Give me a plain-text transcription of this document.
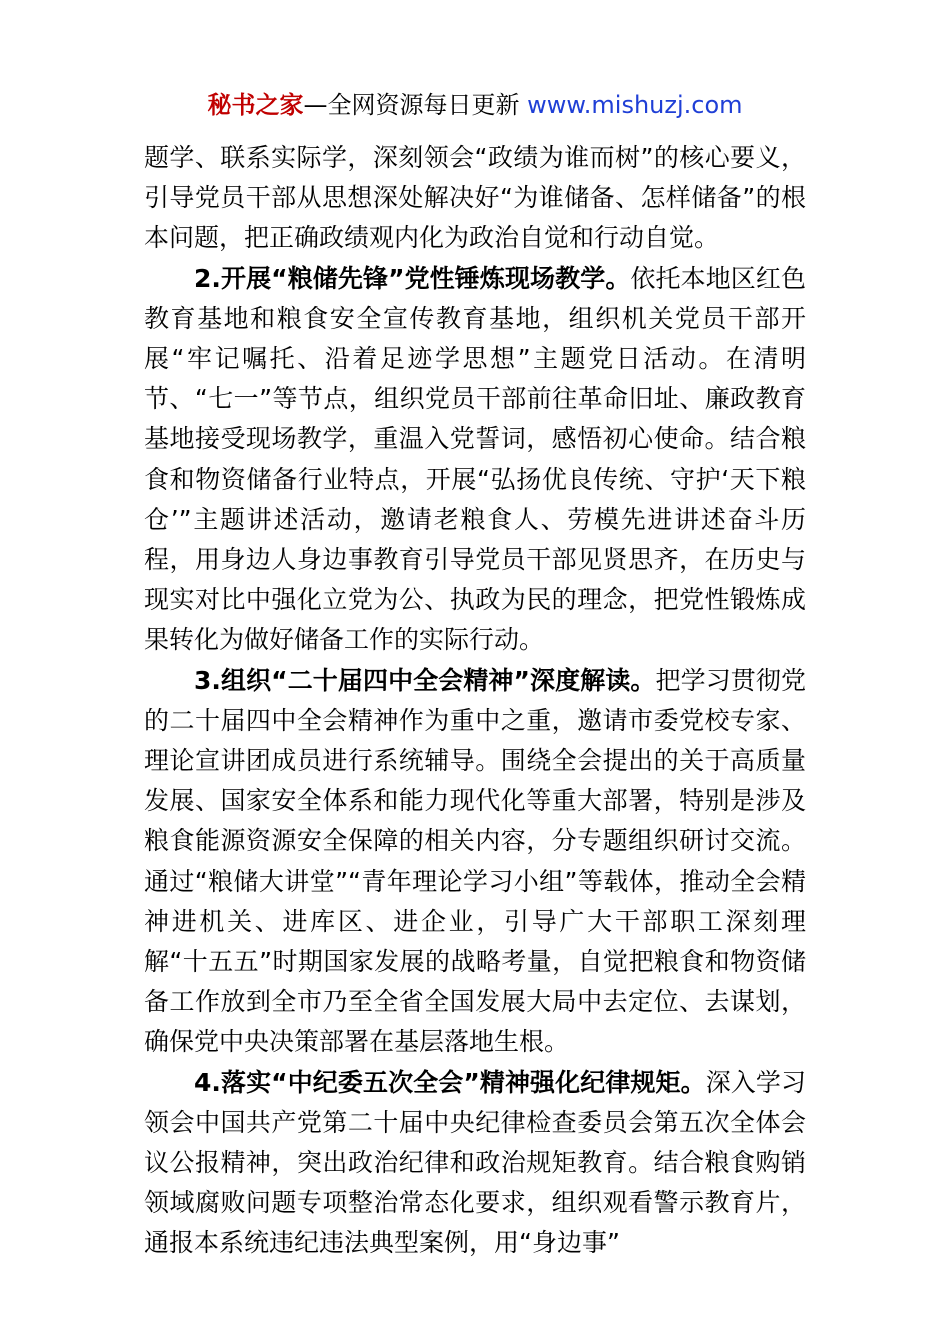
秘书之家—全网资源每日更新 www.mishuzj.com

题学、联系实际学，深刻领会“政绩为谁而树”的核心要义，引导党员干部从思想深处解决好“为谁储备、怎样储备”的根本问题，把正确政绩观内化为政治自觉和行动自觉。

2.开展“粮储先锋”党性锤炼现场教学。依托本地区红色教育基地和粮食安全宣传教育基地，组织机关党员干部开展“牢记嘱托、沿着足迹学思想”主题党日活动。在清明节、“七一”等节点，组织党员干部前往革命旧址、廉政教育基地接受现场教学，重温入党誓词，感悟初心使命。结合粮食和物资储备行业特点，开展“弘扬优良传统、守护‘天下粮仓’”主题讲述活动，邀请老粮食人、劳模先进讲述奋斗历程，用身边人身边事教育引导党员干部见贤思齐，在历史与现实对比中强化立党为公、执政为民的理念，把党性锻炼成果转化为做好储备工作的实际行动。

3.组织“二十届四中全会精神”深度解读。把学习贯彻党的二十届四中全会精神作为重中之重，邀请市委党校专家、理论宣讲团成员进行系统辅导。围绕全会提出的关于高质量发展、国家安全体系和能力现代化等重大部署，特别是涉及粮食能源资源安全保障的相关内容，分专题组织研讨交流。通过“粮储大讲堂”“青年理论学习小组”等载体，推动全会精神进机关、进库区、进企业，引导广大干部职工深刻理解“十五五”时期国家发展的战略考量，自觉把粮食和物资储备工作放到全市乃至全省全国发展大局中去定位、去谋划，确保党中央决策部署在基层落地生根。

4.落实“中纪委五次全会”精神强化纪律规矩。深入学习领会中国共产党第二十届中央纪律检查委员会第五次全体会议公报精神，突出政治纪律和政治规矩教育。结合粮食购销领域腐败问题专项整治常态化要求，组织观看警示教育片，通报本系统违纪违法典型案例，用“身边事”
